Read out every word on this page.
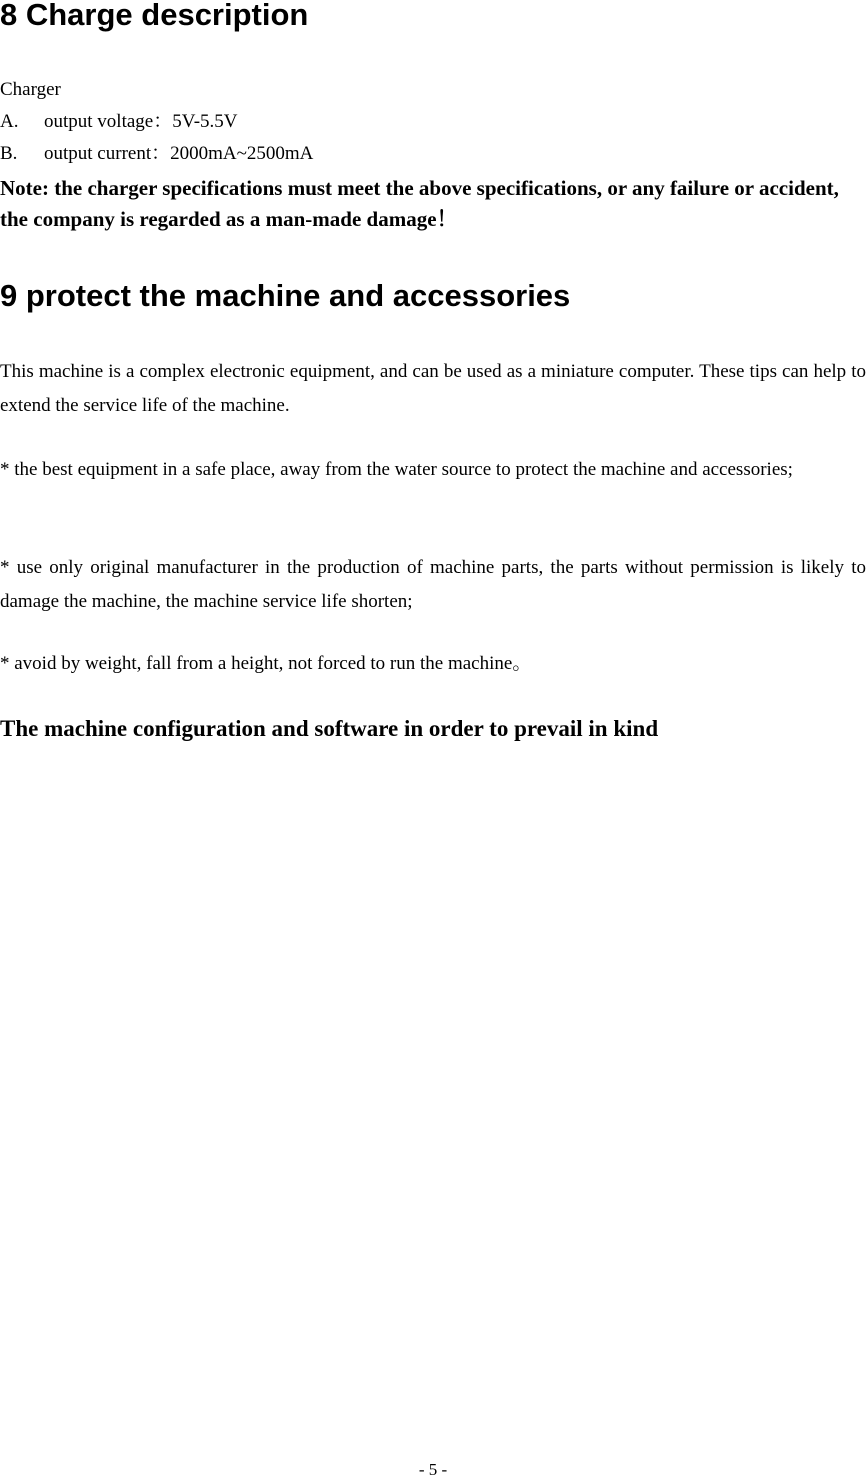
8 Charge description
Charger
A. output voltage：5V-5.5V
B. output current：2000mA~2500mA

Note: the charger specifications must meet the above specifications, or any failure or accident, the company is regarded as a man-made damage！

9 protect the machine and accessories

This machine is a complex electronic equipment, and can be used as a miniature computer. These tips can help to extend the service life of the machine.

* the best equipment in a safe place, away from the water source to protect the machine and accessories;

* use only original manufacturer in the production of machine parts, the parts without permission is likely to damage the machine, the machine service life shorten;

* avoid by weight, fall from a height, not forced to run the machine。

The machine configuration and software in order to prevail in kind

- 5 -
